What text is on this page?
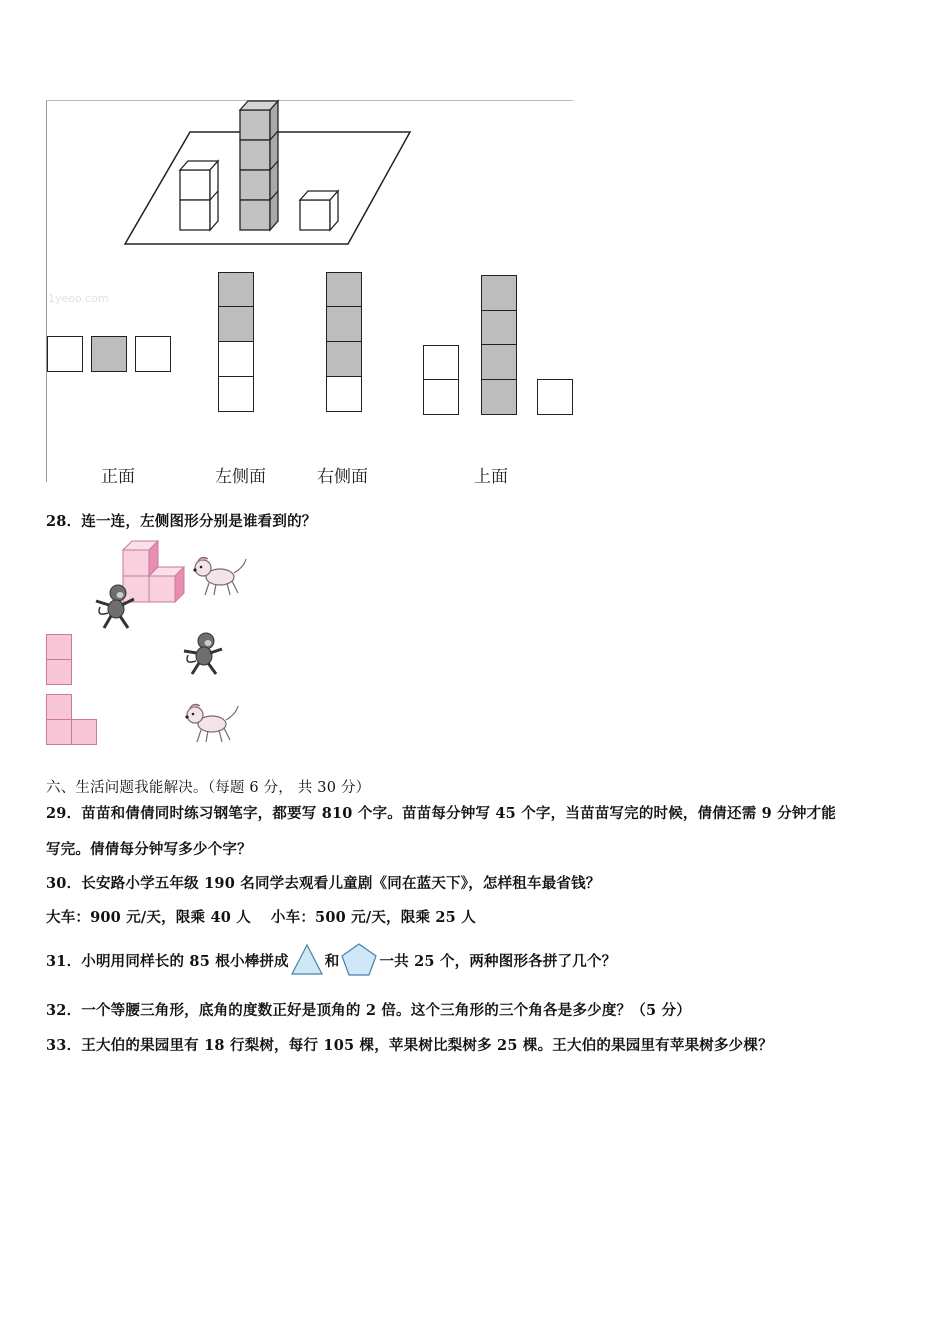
1yeoo.com
正面	左侧面	右侧面	上面
28．连一连，左侧图形分别是谁看到的？
六、生活问题我能解决。（每题 6 分， 共 30 分）
29．苗苗和倩倩同时练习钢笔字，都要写 810 个字。苗苗每分钟写 45 个字，当苗苗写完的时候，倩倩还需 9 分钟才能
写完。倩倩每分钟写多少个字？
30．长安路小学五年级 190 名同学去观看儿童剧《同在蓝天下》，怎样租车最省钱？
大车：900 元/天，限乘 40 人　 小车：500 元/天，限乘 25 人
31．小明用同样长的 85 根小棒拼成 和	一共 25 个，两种图形各拼了几个？
32．一个等腰三角形，底角的度数正好是顶角的 2 倍。这个三角形的三个角各是多少度？（5 分）
33．王大伯的果园里有 18 行梨树，每行 105 棵，苹果树比梨树多 25 棵。王大伯的果园里有苹果树多少棵？
